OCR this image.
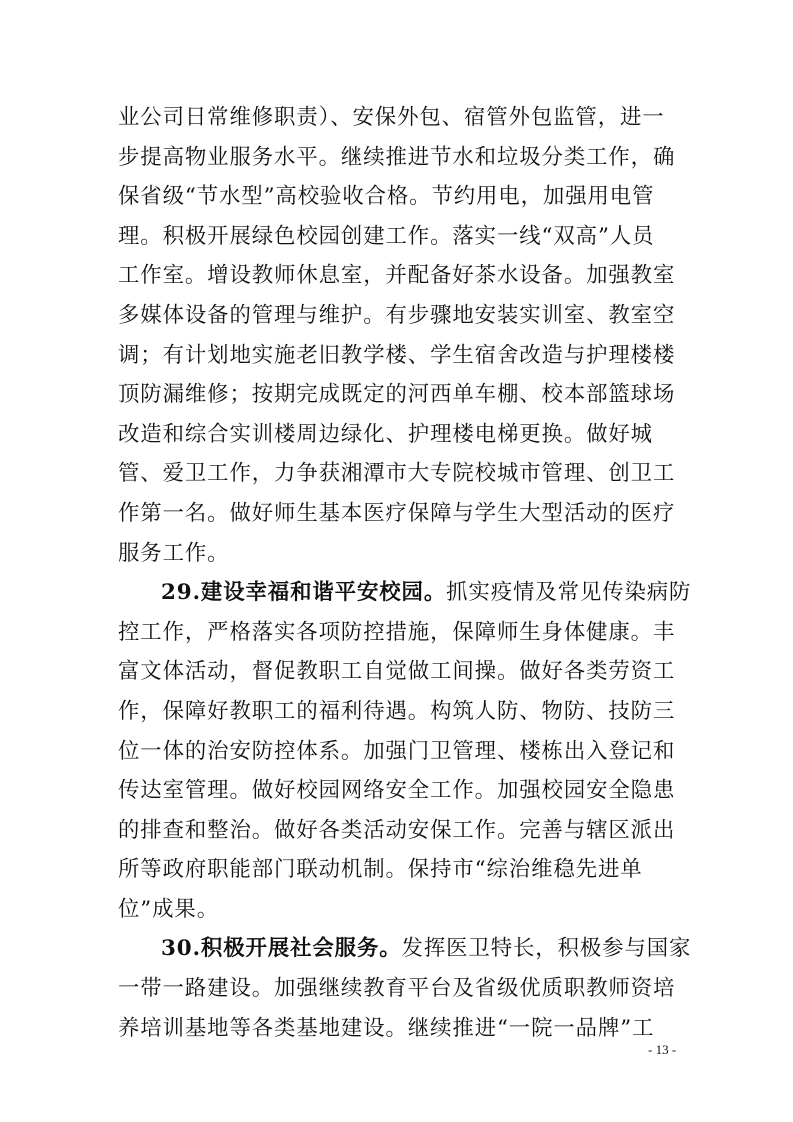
业公司日常维修职责）、安保外包、宿管外包监管，进一
步提高物业服务水平。继续推进节水和垃圾分类工作，确
保省级“节水型”高校验收合格。节约用电，加强用电管
理。积极开展绿色校园创建工作。落实一线“双高”人员
工作室。增设教师休息室，并配备好茶水设备。加强教室
多媒体设备的管理与维护。有步骤地安装实训室、教室空
调；有计划地实施老旧教学楼、学生宿舍改造与护理楼楼
顶防漏维修；按期完成既定的河西单车棚、校本部篮球场
改造和综合实训楼周边绿化、护理楼电梯更换。做好城
管、爱卫工作，力争获湘潭市大专院校城市管理、创卫工
作第一名。做好师生基本医疗保障与学生大型活动的医疗
服务工作。
29.建设幸福和谐平安校园。抓实疫情及常见传染病防
控工作，严格落实各项防控措施，保障师生身体健康。丰
富文体活动，督促教职工自觉做工间操。做好各类劳资工
作，保障好教职工的福利待遇。构筑人防、物防、技防三
位一体的治安防控体系。加强门卫管理、楼栋出入登记和
传达室管理。做好校园网络安全工作。加强校园安全隐患
的排查和整治。做好各类活动安保工作。完善与辖区派出
所等政府职能部门联动机制。保持市“综治维稳先进单
位”成果。
30.积极开展社会服务。发挥医卫特长，积极参与国家
一带一路建设。加强继续教育平台及省级优质职教师资培
养培训基地等各类基地建设。继续推进“一院一品牌”工
- 13 -
